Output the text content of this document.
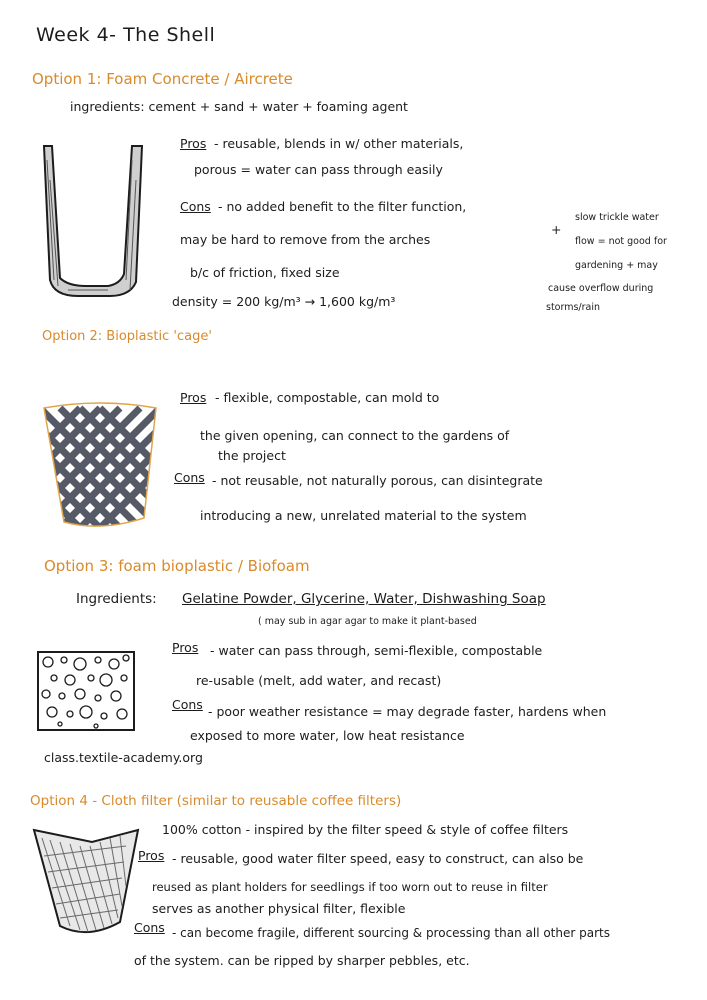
Week 4- The Shell
Option 1: Foam Concrete / Aircrete
ingredients: cement + sand + water + foaming agent
Pros - reusable, blends in w/ other materials,
porous = water can pass through easily
Cons - no added benefit to the filter function,
may be hard to remove from the arches
b/c of friction, fixed size
+
slow trickle water
flow = not good for
gardening + may
cause overflow during
storms/rain
density = 200 kg/m³ → 1,600 kg/m³
Option 2: Bioplastic 'cage'
Pros - flexible, compostable, can mold to
the given opening, can connect to the gardens of
the project
Cons - not reusable, not naturally porous, can disintegrate
introducing a new, unrelated material to the system
Option 3: foam bioplastic / Biofoam
Ingredients: Gelatine Powder, Glycerine, Water, Dishwashing Soap
( may sub in agar agar to make it plant-based
Pros - water can pass through, semi-flexible, compostable
re-usable (melt, add water, and recast)
Cons - poor weather resistance = may degrade faster, hardens when
exposed to more water, low heat resistance
class.textile-academy.org
Option 4 - Cloth filter (similar to reusable coffee filters)
100% cotton - inspired by the filter speed & style of coffee filters
Pros - reusable, good water filter speed, easy to construct, can also be
reused as plant holders for seedlings if too worn out to reuse in filter
serves as another physical filter, flexible
Cons - can become fragile, different sourcing & processing than all other parts
of the system. can be ripped by sharper pebbles, etc.
